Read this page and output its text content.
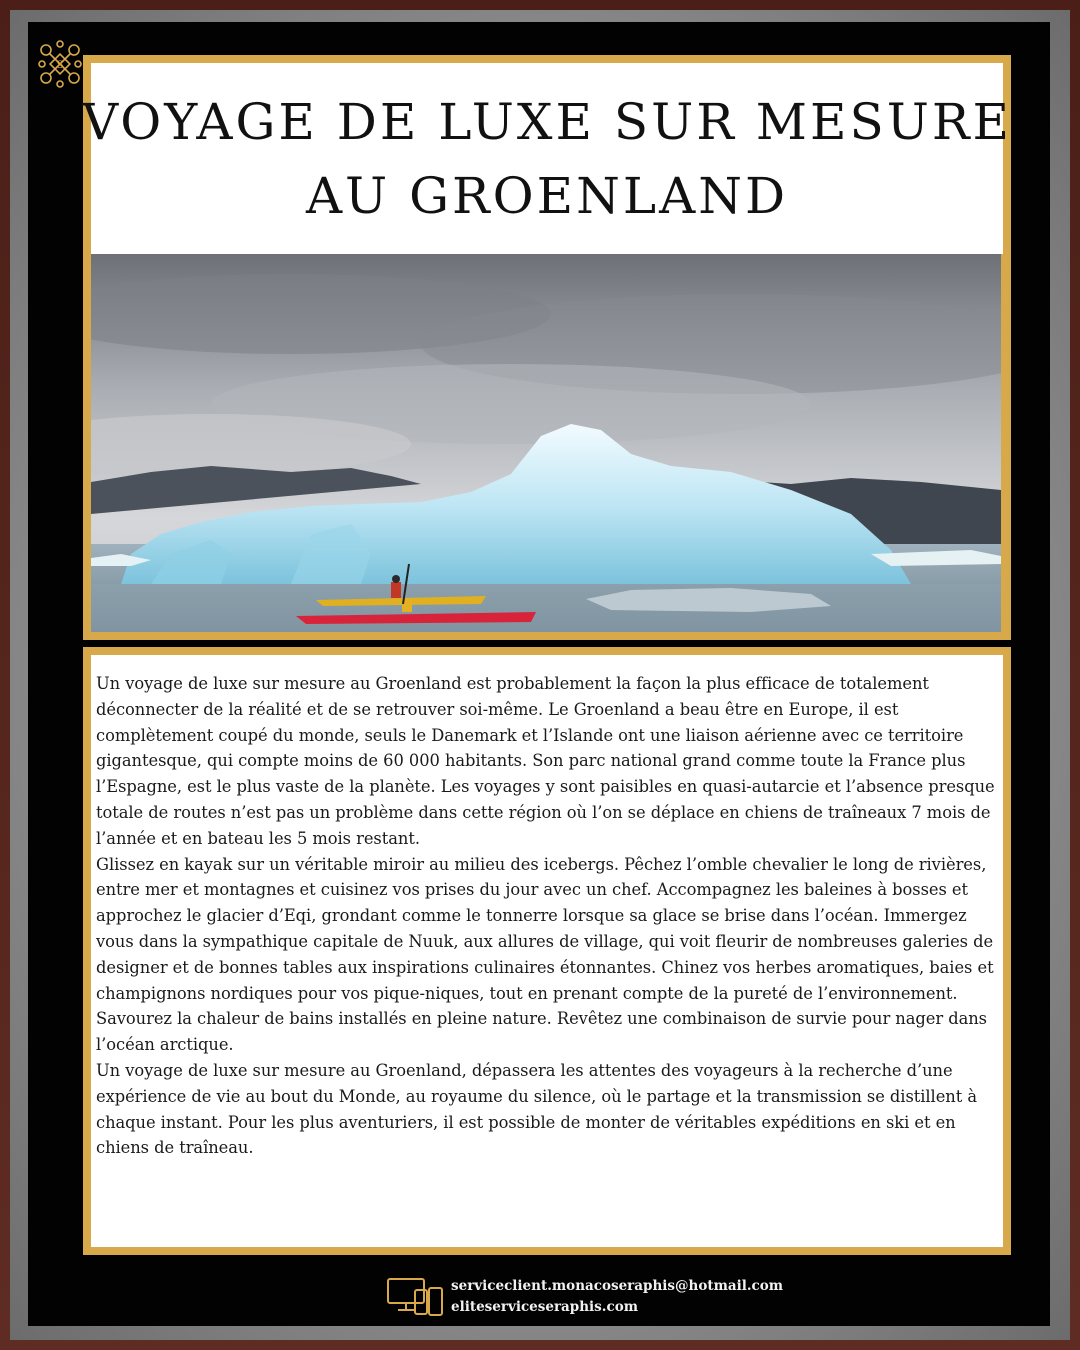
S
VOYAGE DE LUXE SUR MESURE
AU GROENLAND

Un voyage de luxe sur mesure au Groenland est probablement la façon la plus efficace de totalement déconnecter de la réalité et de se retrouver soi-même. Le Groenland a beau être en Europe, il est complètement coupé du monde, seuls le Danemark et l’Islande ont une liaison aérienne avec ce territoire gigantesque, qui compte moins de 60 000 habitants. Son parc national grand comme toute la France plus l’Espagne, est le plus vaste de la planète. Les voyages y sont paisibles en quasi-autarcie et l’absence presque totale de routes n’est pas un problème dans cette région où l’on se déplace en chiens de traîneaux 7 mois de l’année et en bateau les 5 mois restant.

Glissez en kayak sur un véritable miroir au milieu des icebergs. Pêchez l’omble chevalier le long de rivières, entre mer et montagnes et cuisinez vos prises du jour avec un chef. Accompagnez les baleines à bosses et approchez le glacier d’Eqi, grondant comme le tonnerre lorsque sa glace se brise dans l’océan. Immergez vous dans la sympathique capitale de Nuuk, aux allures de village, qui voit fleurir de nombreuses galeries de designer et de bonnes tables aux inspirations culinaires étonnantes. Chinez vos herbes aromatiques, baies et champignons nordiques pour vos pique-niques, tout en prenant compte de la pureté de l’environnement. Savourez la chaleur de bains installés en pleine nature. Revêtez une combinaison de survie pour nager dans l’océan arctique.

Un voyage de luxe sur mesure au Groenland, dépassera les attentes des voyageurs à la recherche d’une expérience de vie au bout du Monde, au royaume du silence, où le partage et la transmission se distillent à chaque instant. Pour les plus aventuriers, il est possible de monter de véritables expéditions en ski et en chiens de traîneau.

serviceclient.monacoseraphis@hotmail.com
eliteserviceseraphis.com
